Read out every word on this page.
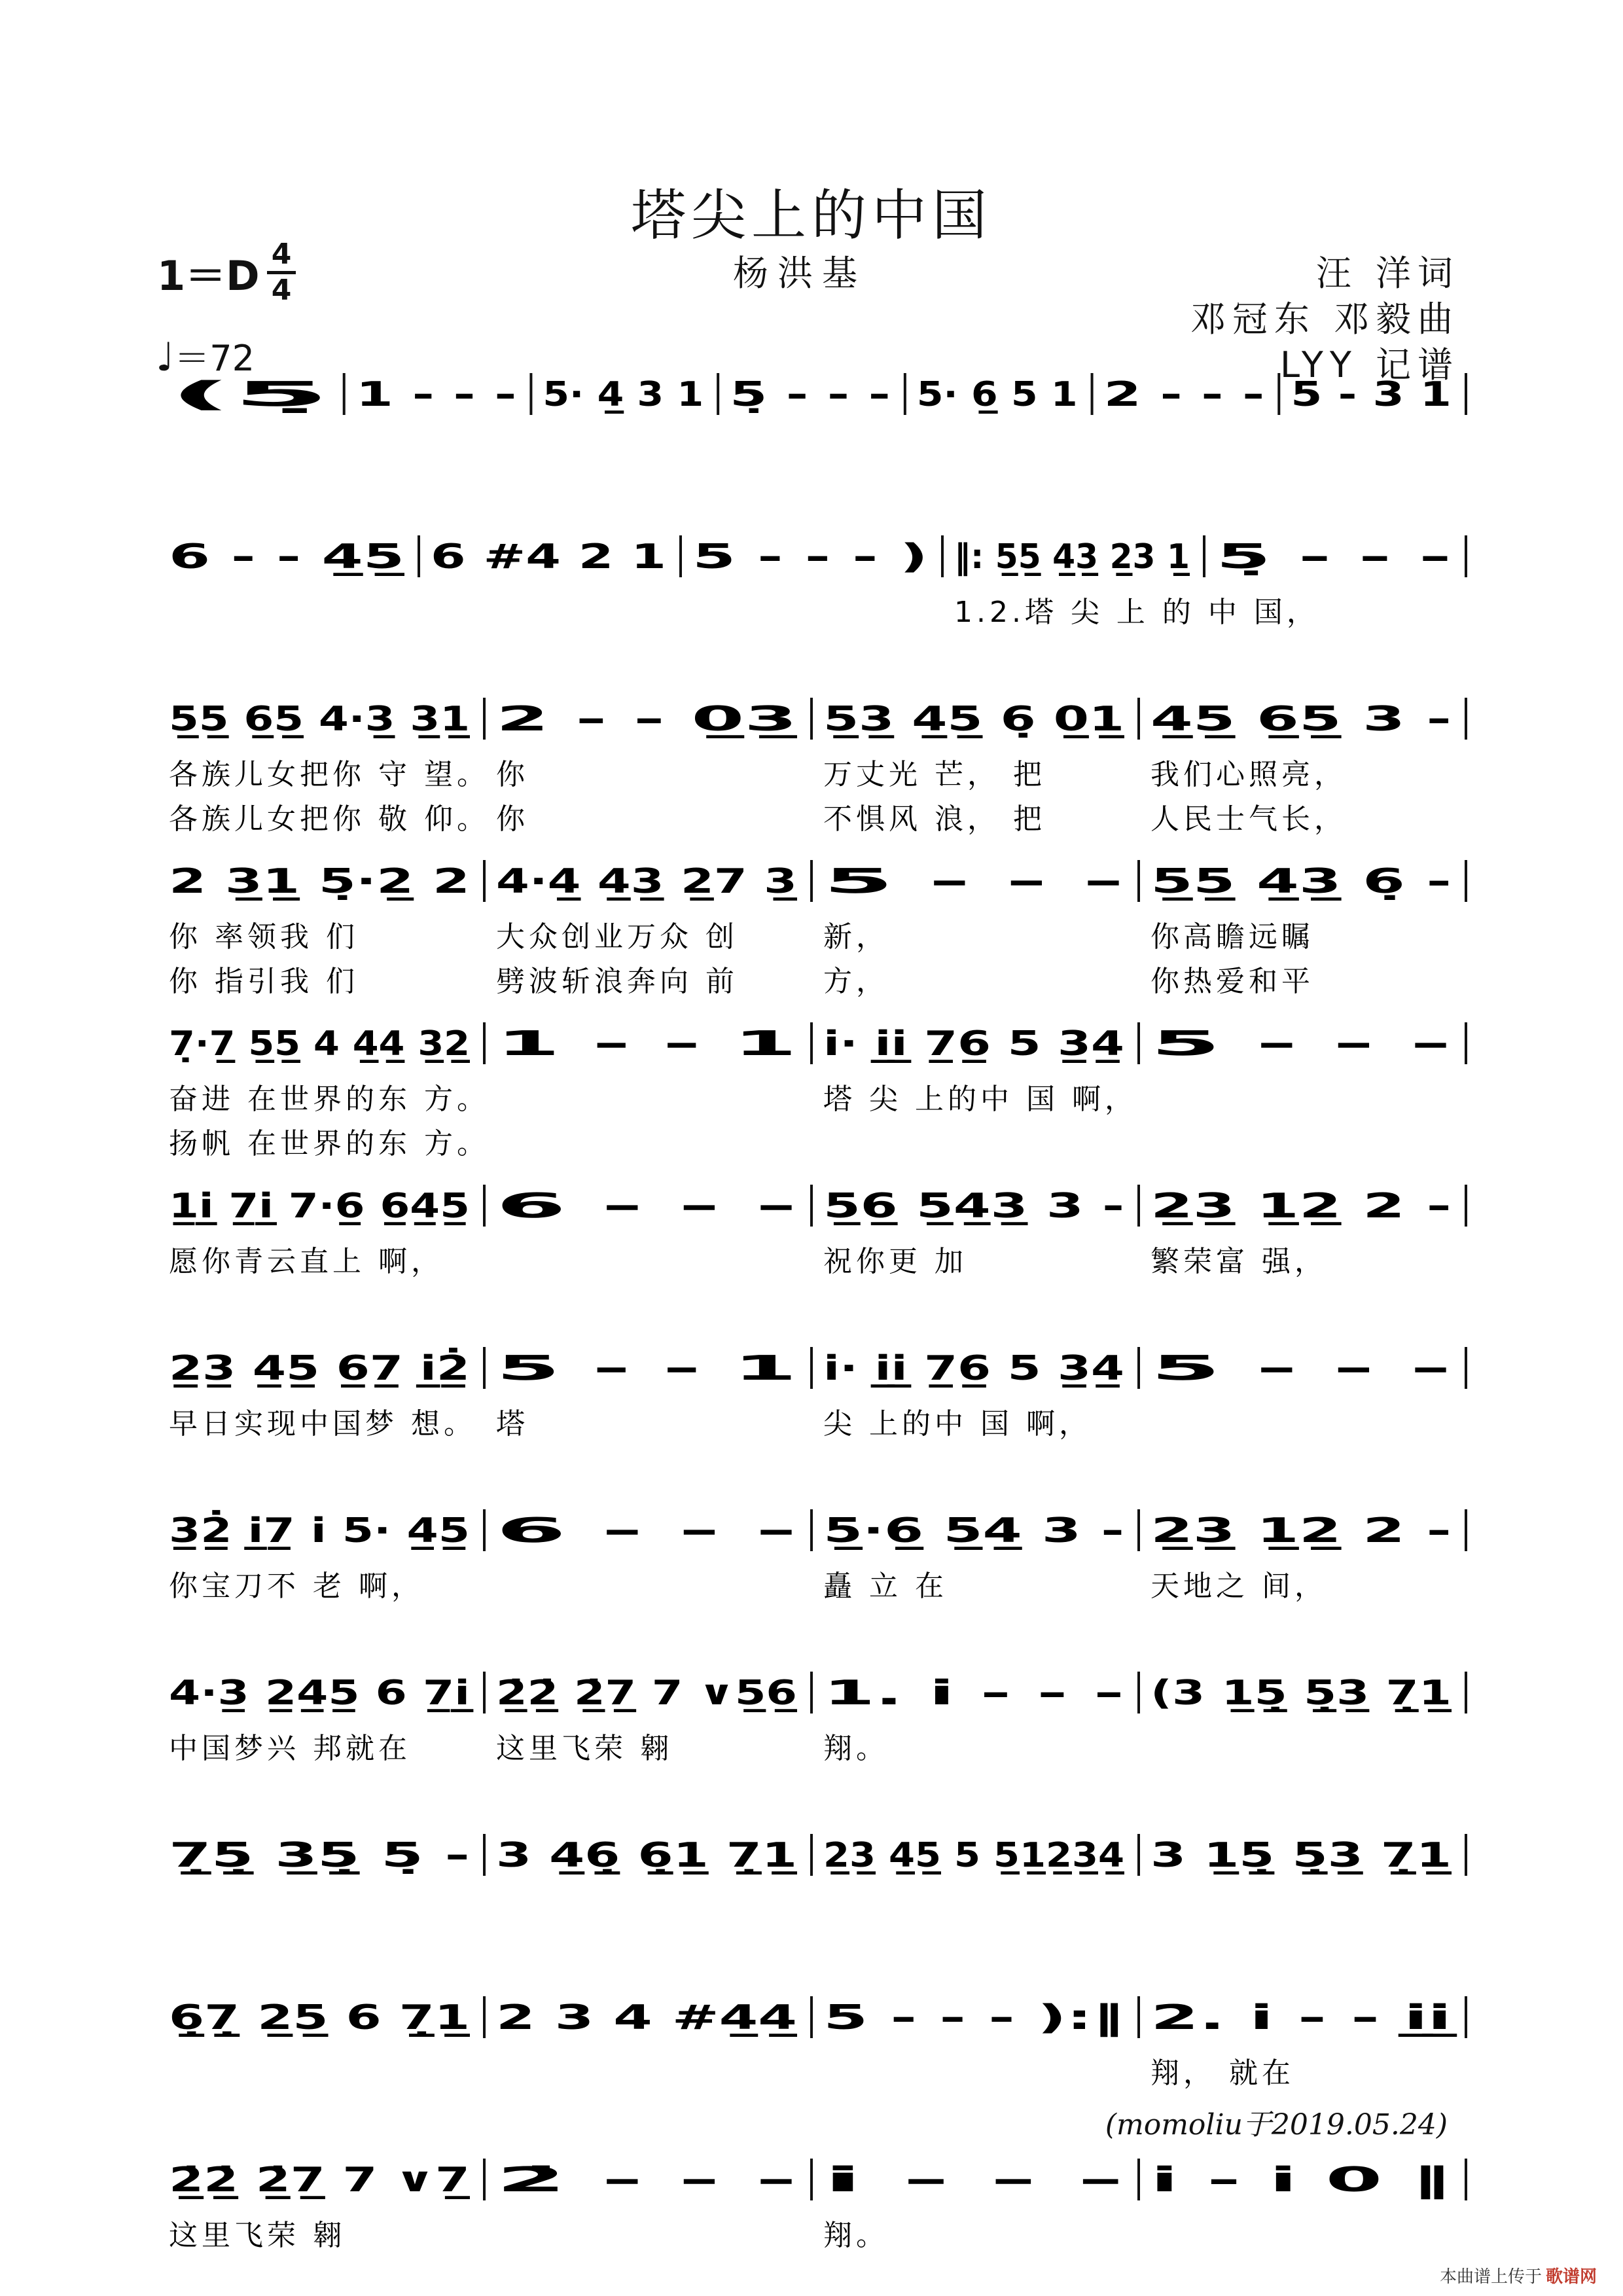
塔尖上的中国
1＝D 4
4	杨洪基	汪 洋词
邓冠东 邓毅曲
LYY 记谱
♩＝72
(5̣ 1 - - - 5· 4̲ 3 1 5̣ - - - 5· 6̲ 5 1 2 - - - 5 - 3 1
6 - - 4̲5̲ 6 #4 2 1 5 - - - ) ‖: 5̲5̲ 4̲3̲ 2̲3 1̲
1.2.塔 尖 上 的 中 国，
5̣ - - -
5̲5̲ 6̲5̲ 4·3̲ 3̲1̲
各族儿女把你 守 望。
各族儿女把你 敬 仰。
2 - - 0̲3̲
你
你
5̲3̲ 4̲5̲ 6̣ 0̲1̲
万丈光 芒， 把
不惧风 浪， 把
4̲5̲ 6̲5̲ 3 -
我们心照亮，
人民士气长，
2 3̲1̲ 5̣·2̲ 2
你 率领我 们
你 指引我 们
4·4̲ 4̲3̲ 2̲7 3̲
大众创业万众 创
劈波斩浪奔向 前
5 - - -
新，
方，
5̲5̲ 4̲3̲ 6̣ -
你高瞻远瞩
你热爱和平
7̣·7̲ 5̲5̲ 4 4̲4̲ 3̲2̲
奋进 在世界的东 方。
扬帆 在世界的东 方。
1 - - 1 i̇· i̲̇i̲̇ 7̲6̲ 5 3̲4̲
塔 尖 上的中 国 啊，
5 - - -
1̲i̲̇ 7̲i̲̇ 7·6̲ 6̲4̲5̲
愿你青云直上 啊，
6 - - - 5̲6̲ 5̲4̲3̲ 3 -
祝你更 加
2̲3̲ 1̲2̲ 2 -
繁荣富 强，
2̲3̲ 4̲5̲ 6̲7̲ i̲̇2̲̇
早日实现中国梦 想。
5 - - 1
塔
i̇· i̲̇i̲̇ 7̲6̲ 5 3̲4̲
尖 上的中 国 啊，
5 - - -
3̲2̲̇ i̲̇7̲ i̇ 5· 4̲5̲
你宝刀不 老 啊，
6 - - - 5̲·6̲ 5̲4̲ 3 -
矗 立 在
2̲3̲ 1̲2̲ 2 -
天地之 间，
4·3̲ 2̲4̲5̲ 6 7̲i̲̇
中国梦兴 邦就在
2̲̇2̲̇ 2̲̇7̲ 7 ∨5̲6̲
这里飞荣 翱
1. i̇ - - -
翔。
(3 1̲5̣̲ 5̣̲3̲ 7̣̲1̲
7̣̲5̣̲ 3̲5̣̲ 5̣ - 3 4̲6̣̲ 6̣̲1̲ 7̣̲1̲ 2̲3̲ 4̲5̲ 5 5̲1̲2̲3̲4̲ 3 1̲5̣̲ 5̣̲3̲ 7̣̲1̲
6̣̲7̣̲ 2̲5̲ 6 7̣̲1̲ 2 3 4 #4̲4̲ 5 - - - ):‖ 2. i̇ - - i̲̇i̲̇
翔， 就在
2̲̇2̲̇ 2̲̇7̲ 7 ∨7̲
这里飞荣 翱
2̇ - - - i̇ - - -
翔。
i̇ - i̇ 0 ‖
(momoliu于2019.05.24)
本曲谱上传于 歌谱网
